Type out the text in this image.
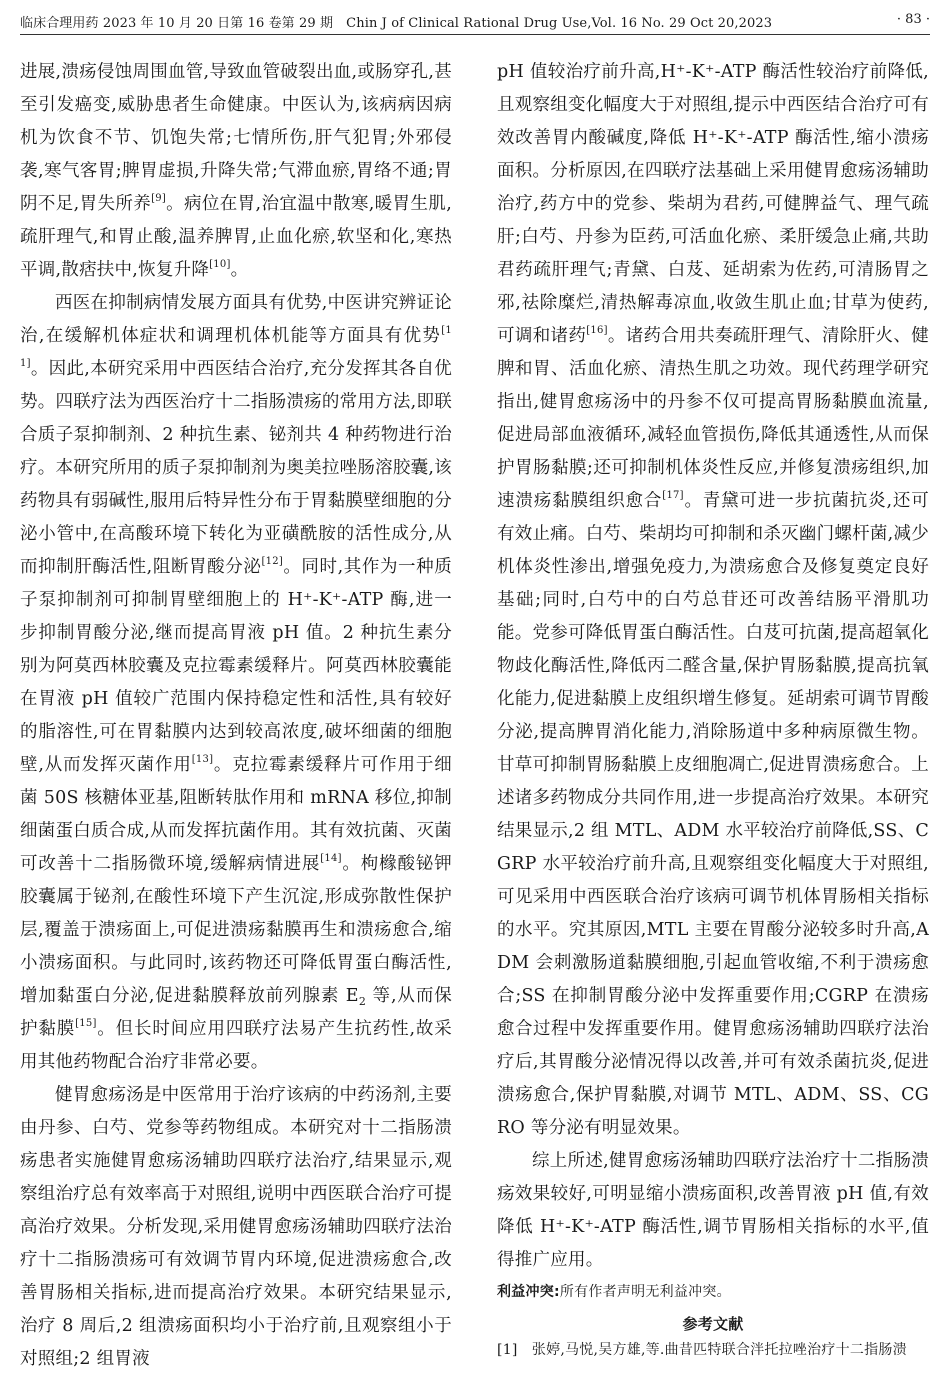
临床合理用药 2023 年 10 月 20 日第 16 卷第 29 期　Chin J of Clinical Rational Drug Use,Vol. 16 No. 29 Oct 20,2023	· 83 ·

进展,溃疡侵蚀周围血管,导致血管破裂出血,或肠穿孔,甚至引发癌变,威胁患者生命健康。中医认为,该病病因病机为饮食不节、饥饱失常;七情所伤,肝气犯胃;外邪侵袭,寒气客胃;脾胃虚损,升降失常;气滞血瘀,胃络不通;胃阴不足,胃失所养[9]。病位在胃,治宜温中散寒,暖胃生肌,疏肝理气,和胃止酸,温养脾胃,止血化瘀,软坚和化,寒热平调,散痞扶中,恢复升降[10]。

西医在抑制病情发展方面具有优势,中医讲究辨证论治,在缓解机体症状和调理机体机能等方面具有优势[11]。因此,本研究采用中西医结合治疗,充分发挥其各自优势。四联疗法为西医治疗十二指肠溃疡的常用方法,即联合质子泵抑制剂、2 种抗生素、铋剂共 4 种药物进行治疗。本研究所用的质子泵抑制剂为奥美拉唑肠溶胶囊,该药物具有弱碱性,服用后特异性分布于胃黏膜壁细胞的分泌小管中,在高酸环境下转化为亚磺酰胺的活性成分,从而抑制肝酶活性,阻断胃酸分泌[12]。同时,其作为一种质子泵抑制剂可抑制胃壁细胞上的 H⁺-K⁺-ATP 酶,进一步抑制胃酸分泌,继而提高胃液 pH 值。2 种抗生素分别为阿莫西林胶囊及克拉霉素缓释片。阿莫西林胶囊能在胃液 pH 值较广范围内保持稳定性和活性,具有较好的脂溶性,可在胃黏膜内达到较高浓度,破坏细菌的细胞壁,从而发挥灭菌作用[13]。克拉霉素缓释片可作用于细菌 50S 核糖体亚基,阻断转肽作用和 mRNA 移位,抑制细菌蛋白质合成,从而发挥抗菌作用。其有效抗菌、灭菌可改善十二指肠微环境,缓解病情进展[14]。枸橼酸铋钾胶囊属于铋剂,在酸性环境下产生沉淀,形成弥散性保护层,覆盖于溃疡面上,可促进溃疡黏膜再生和溃疡愈合,缩小溃疡面积。与此同时,该药物还可降低胃蛋白酶活性,增加黏蛋白分泌,促进黏膜释放前列腺素 $E_2$ 等,从而保护黏膜[15]。但长时间应用四联疗法易产生抗药性,故采用其他药物配合治疗非常必要。

健胃愈疡汤是中医常用于治疗该病的中药汤剂,主要由丹参、白芍、党参等药物组成。本研究对十二指肠溃疡患者实施健胃愈疡汤辅助四联疗法治疗,结果显示,观察组治疗总有效率高于对照组,说明中西医联合治疗可提高治疗效果。分析发现,采用健胃愈疡汤辅助四联疗法治疗十二指肠溃疡可有效调节胃内环境,促进溃疡愈合,改善胃肠相关指标,进而提高治疗效果。本研究结果显示,治疗 8 周后,2 组溃疡面积均小于治疗前,且观察组小于对照组;2 组胃液

pH 值较治疗前升高,H⁺-K⁺-ATP 酶活性较治疗前降低,且观察组变化幅度大于对照组,提示中西医结合治疗可有效改善胃内酸碱度,降低 H⁺-K⁺-ATP 酶活性,缩小溃疡面积。分析原因,在四联疗法基础上采用健胃愈疡汤辅助治疗,药方中的党参、柴胡为君药,可健脾益气、理气疏肝;白芍、丹参为臣药,可活血化瘀、柔肝缓急止痛,共助君药疏肝理气;青黛、白芨、延胡索为佐药,可清肠胃之邪,祛除糜烂,清热解毒凉血,收敛生肌止血;甘草为使药,可调和诸药[16]。诸药合用共奏疏肝理气、清除肝火、健脾和胃、活血化瘀、清热生肌之功效。现代药理学研究指出,健胃愈疡汤中的丹参不仅可提高胃肠黏膜血流量,促进局部血液循环,减轻血管损伤,降低其通透性,从而保护胃肠黏膜;还可抑制机体炎性反应,并修复溃疡组织,加速溃疡黏膜组织愈合[17]。青黛可进一步抗菌抗炎,还可有效止痛。白芍、柴胡均可抑制和杀灭幽门螺杆菌,减少机体炎性渗出,增强免疫力,为溃疡愈合及修复奠定良好基础;同时,白芍中的白芍总苷还可改善结肠平滑肌功能。党参可降低胃蛋白酶活性。白芨可抗菌,提高超氧化物歧化酶活性,降低丙二醛含量,保护胃肠黏膜,提高抗氧化能力,促进黏膜上皮组织增生修复。延胡索可调节胃酸分泌,提高脾胃消化能力,消除肠道中多种病原微生物。甘草可抑制胃肠黏膜上皮细胞凋亡,促进胃溃疡愈合。上述诸多药物成分共同作用,进一步提高治疗效果。本研究结果显示,2 组 MTL、ADM 水平较治疗前降低,SS、CGRP 水平较治疗前升高,且观察组变化幅度大于对照组,可见采用中西医联合治疗该病可调节机体胃肠相关指标的水平。究其原因,MTL 主要在胃酸分泌较多时升高,ADM 会刺激肠道黏膜细胞,引起血管收缩,不利于溃疡愈合;SS 在抑制胃酸分泌中发挥重要作用;CGRP 在溃疡愈合过程中发挥重要作用。健胃愈疡汤辅助四联疗法治疗后,其胃酸分泌情况得以改善,并可有效杀菌抗炎,促进溃疡愈合,保护胃黏膜,对调节 MTL、ADM、SS、CGRO 等分泌有明显效果。

综上所述,健胃愈疡汤辅助四联疗法治疗十二指肠溃疡效果较好,可明显缩小溃疡面积,改善胃液 pH 值,有效降低 H⁺-K⁺-ATP 酶活性,调节胃肠相关指标的水平,值得推广应用。

利益冲突:所有作者声明无利益冲突。

参考文献

[1]　张婷,马悦,吴方雄,等.曲昔匹特联合泮托拉唑治疗十二指肠溃
